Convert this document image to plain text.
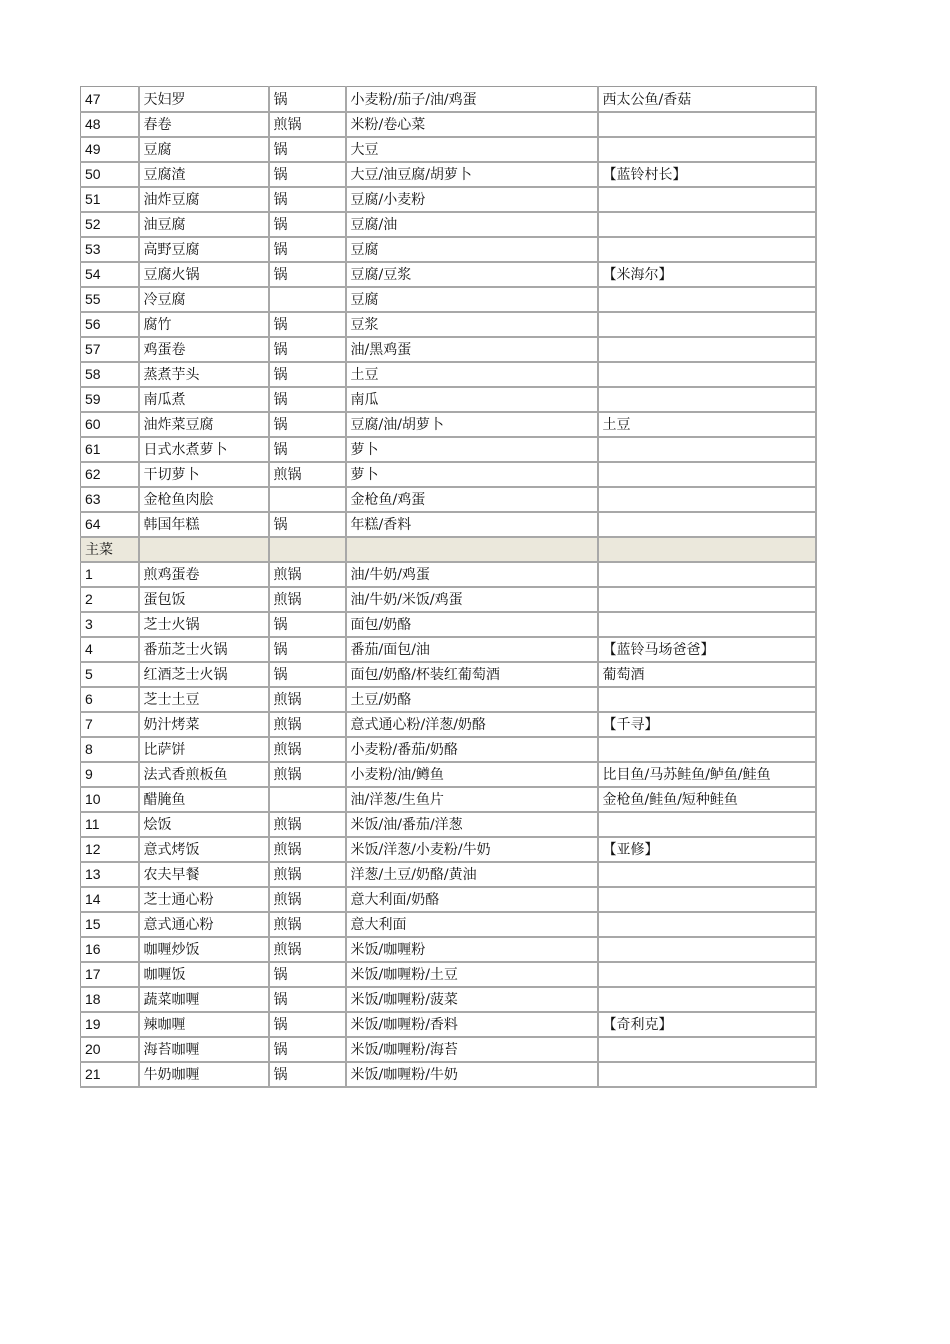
47	天妇罗	锅	小麦粉/茄子/油/鸡蛋	西太公鱼/香菇
48	春卷	煎锅	米粉/卷心菜	
49	豆腐	锅	大豆	
50	豆腐渣	锅	大豆/油豆腐/胡萝卜	【蓝铃村长】
51	油炸豆腐	锅	豆腐/小麦粉	
52	油豆腐	锅	豆腐/油	
53	高野豆腐	锅	豆腐	
54	豆腐火锅	锅	豆腐/豆浆	【米海尔】
55	冷豆腐		豆腐	
56	腐竹	锅	豆浆	
57	鸡蛋卷	锅	油/黑鸡蛋	
58	蒸煮芋头	锅	土豆	
59	南瓜煮	锅	南瓜	
60	油炸菜豆腐	锅	豆腐/油/胡萝卜	土豆
61	日式水煮萝卜	锅	萝卜	
62	干切萝卜	煎锅	萝卜	
63	金枪鱼肉脍		金枪鱼/鸡蛋	
64	韩国年糕	锅	年糕/香料	
主菜				
1	煎鸡蛋卷	煎锅	油/牛奶/鸡蛋	
2	蛋包饭	煎锅	油/牛奶/米饭/鸡蛋	
3	芝士火锅	锅	面包/奶酪	
4	番茄芝士火锅	锅	番茄/面包/油	【蓝铃马场爸爸】
5	红酒芝士火锅	锅	面包/奶酪/杯装红葡萄酒	葡萄酒
6	芝士土豆	煎锅	土豆/奶酪	
7	奶汁烤菜	煎锅	意式通心粉/洋葱/奶酪	【千寻】
8	比萨饼	煎锅	小麦粉/番茄/奶酪	
9	法式香煎板鱼	煎锅	小麦粉/油/鳟鱼	比目鱼/马苏鲑鱼/鲈鱼/鲑鱼
10	醋腌鱼		油/洋葱/生鱼片	金枪鱼/鲑鱼/短种鲑鱼
11	烩饭	煎锅	米饭/油/番茄/洋葱	
12	意式烤饭	煎锅	米饭/洋葱/小麦粉/牛奶	【亚修】
13	农夫早餐	煎锅	洋葱/土豆/奶酪/黄油	
14	芝士通心粉	煎锅	意大利面/奶酪	
15	意式通心粉	煎锅	意大利面	
16	咖喱炒饭	煎锅	米饭/咖喱粉	
17	咖喱饭	锅	米饭/咖喱粉/土豆	
18	蔬菜咖喱	锅	米饭/咖喱粉/菠菜	
19	辣咖喱	锅	米饭/咖喱粉/香料	【奇利克】
20	海苔咖喱	锅	米饭/咖喱粉/海苔	
21	牛奶咖喱	锅	米饭/咖喱粉/牛奶	
